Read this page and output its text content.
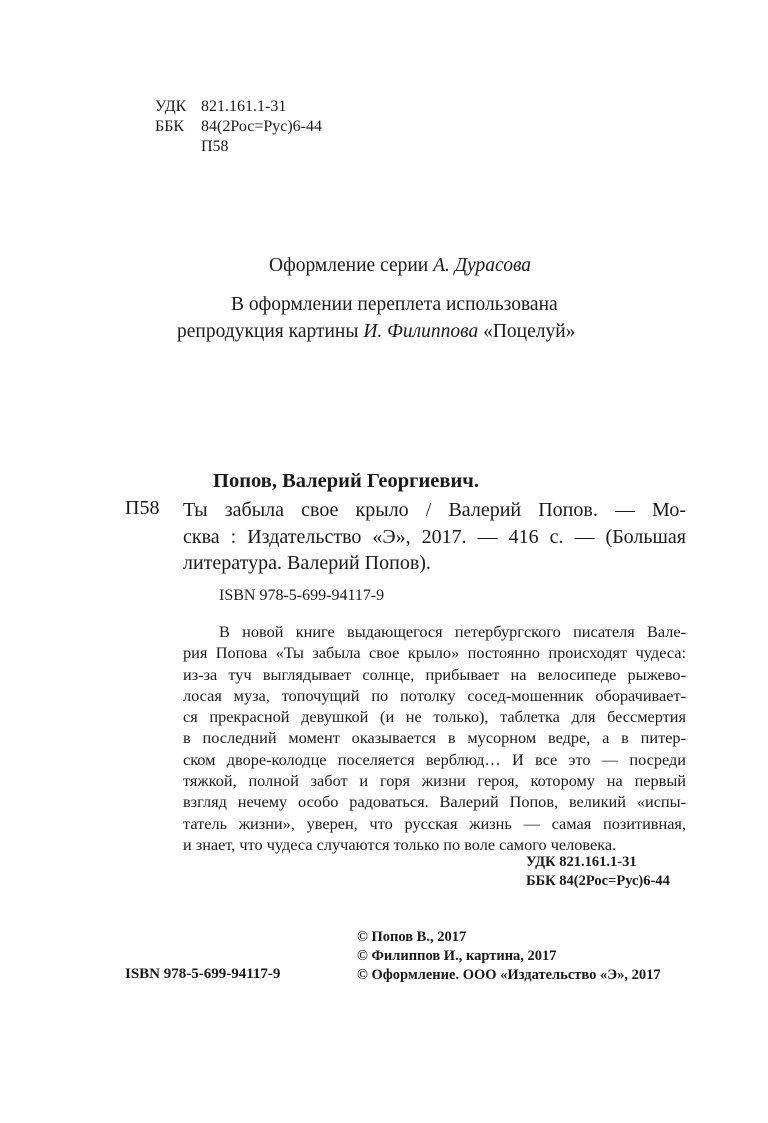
УДК 821.161.1-31
ББК	84(2Рос=Рус)6-44
П58
Оформление серии А. Дурасова
В оформлении переплета использована
репродукция картины И. Филиппова «Поцелуй»
Попов, Валерий Георгиевич.
П58 Ты забыла свое крыло / Валерий Попов. — Мо-
сква : Издательство «Э», 2017. — 416 с. — (Большая
литература. Валерий Попов).
ISBN 978-5-699-94117-9
В новой книге выдающегося петербургского писателя Вале-
рия Попова «Ты забыла свое крыло» постоянно происходят чудеса:
из-за туч выглядывает солнце, прибывает на велосипеде рыжево-
лосая муза, топочущий по потолку сосед-мошенник оборачивает-
ся прекрасной девушкой (и не только), таблетка для бессмертия
в последний момент оказывается в мусорном ведре, а в питер-
ском дворе-колодце поселяется верблюд… И все это — посреди
тяжкой, полной забот и горя жизни героя, которому на первый
взгляд нечему особо радоваться. Валерий Попов, великий «испы-
татель жизни», уверен, что русская жизнь — самая позитивная,
и знает, что чудеса случаются только по воле самого человека.
УДК 821.161.1-31
ББК 84(2Рос=Рус)6-44
© Попов В., 2017
© Филиппов И., картина, 2017
© Оформление. ООО «Издательство «Э», 2017
ISBN 978-5-699-94117-9
